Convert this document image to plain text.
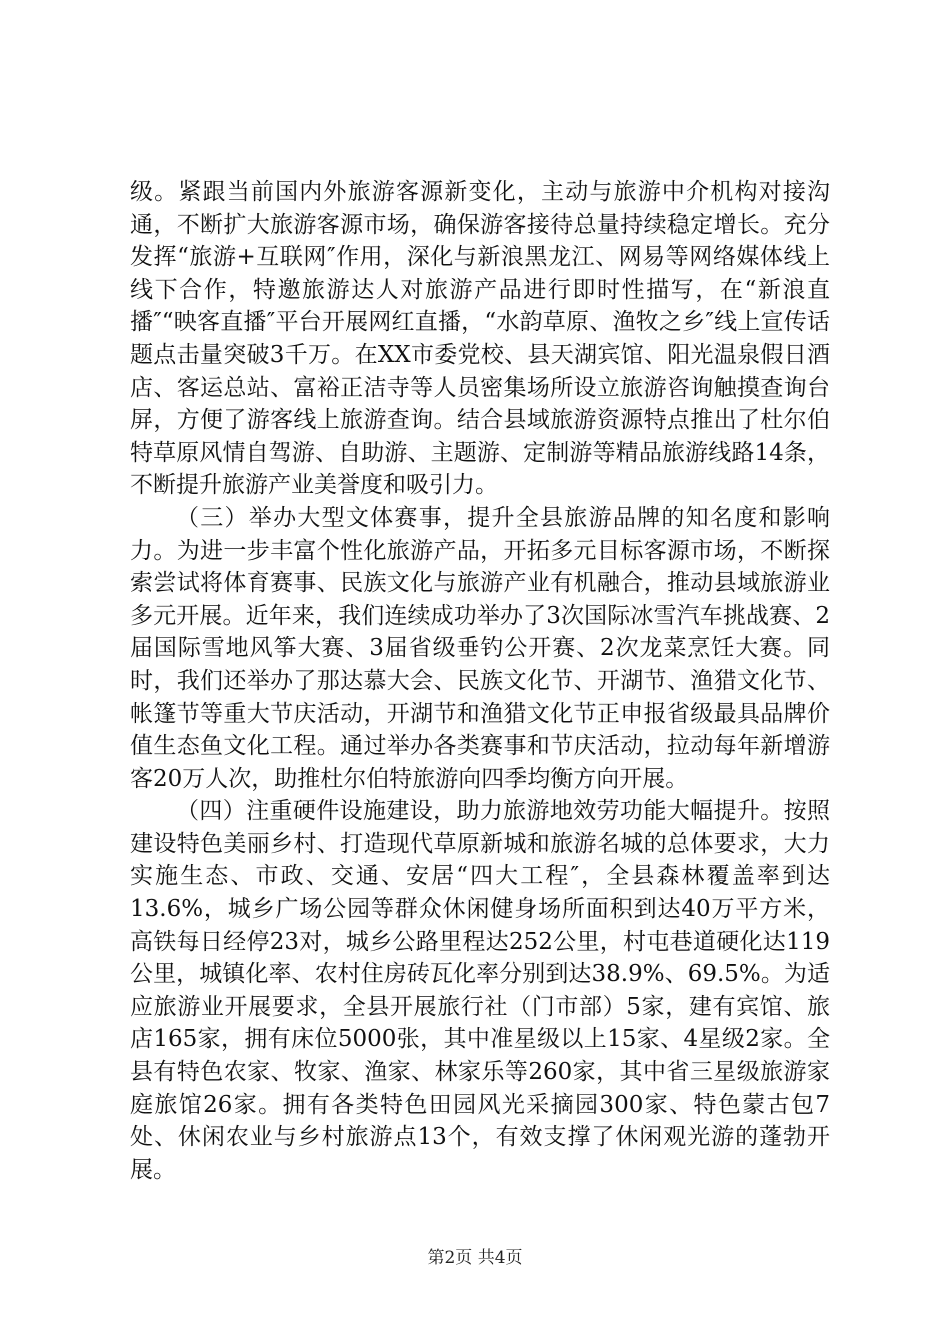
级。紧跟当前国内外旅游客源新变化，主动与旅游中介机构对接沟通，不断扩大旅游客源市场，确保游客接待总量持续稳定增长。充分发挥“旅游+互联网″作用，深化与新浪黑龙江、网易等网络媒体线上线下合作，特邀旅游达人对旅游产品进行即时性描写，在“新浪直播″“映客直播″平台开展网红直播，“水韵草原、渔牧之乡″线上宣传话题点击量突破3千万。在XX市委党校、县天湖宾馆、阳光温泉假日酒店、客运总站、富裕正洁寺等人员密集场所设立旅游咨询触摸查询台屏，方便了游客线上旅游查询。结合县域旅游资源特点推出了杜尔伯特草原风情自驾游、自助游、主题游、定制游等精品旅游线路14条，不断提升旅游产业美誉度和吸引力。

（三）举办大型文体赛事，提升全县旅游品牌的知名度和影响力。为进一步丰富个性化旅游产品，开拓多元目标客源市场，不断探索尝试将体育赛事、民族文化与旅游产业有机融合，推动县域旅游业多元开展。近年来，我们连续成功举办了3次国际冰雪汽车挑战赛、2届国际雪地风筝大赛、3届省级垂钓公开赛、2次龙菜烹饪大赛。同时，我们还举办了那达慕大会、民族文化节、开湖节、渔猎文化节、帐篷节等重大节庆活动，开湖节和渔猎文化节正申报省级最具品牌价值生态鱼文化工程。通过举办各类赛事和节庆活动，拉动每年新增游客20万人次，助推杜尔伯特旅游向四季均衡方向开展。

（四）注重硬件设施建设，助力旅游地效劳功能大幅提升。按照建设特色美丽乡村、打造现代草原新城和旅游名城的总体要求，大力实施生态、市政、交通、安居“四大工程″，全县森林覆盖率到达13.6%，城乡广场公园等群众休闲健身场所面积到达40万平方米，高铁每日经停23对，城乡公路里程达252公里，村屯巷道硬化达119公里，城镇化率、农村住房砖瓦化率分别到达38.9%、69.5%。为适应旅游业开展要求，全县开展旅行社（门市部）5家，建有宾馆、旅店165家，拥有床位5000张，其中准星级以上15家、4星级2家。全县有特色农家、牧家、渔家、林家乐等260家，其中省三星级旅游家庭旅馆26家。拥有各类特色田园风光采摘园300家、特色蒙古包7处、休闲农业与乡村旅游点13个，有效支撑了休闲观光游的蓬勃开展。

第2页 共4页
